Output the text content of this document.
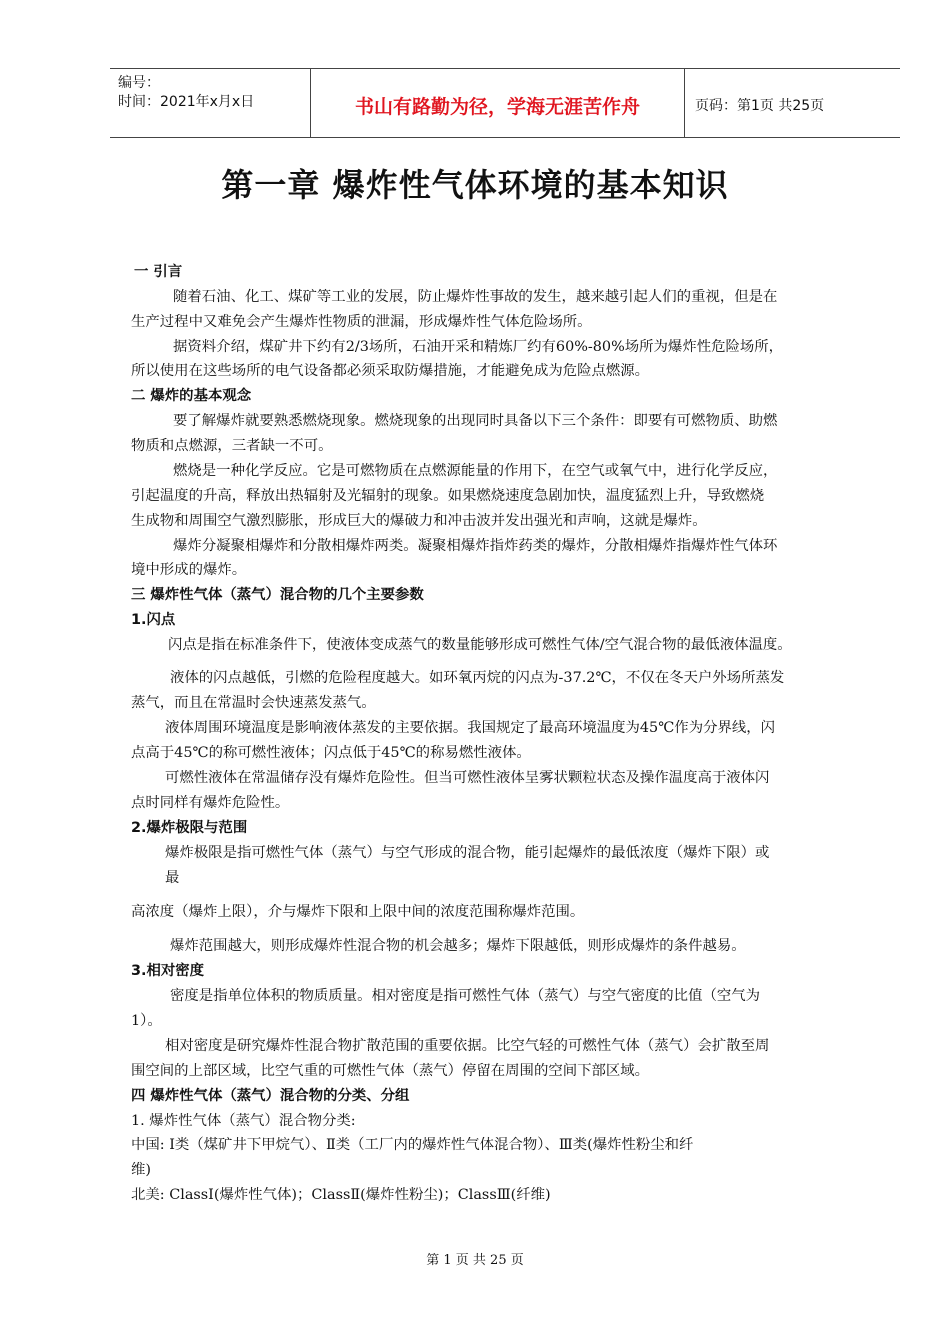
编号：
时间：2021年x月x日	书山有路勤为径，学海无涯苦作舟	页码：第1页 共25页
第一章 爆炸性气体环境的基本知识
一 引言
随着石油、化工、煤矿等工业的发展，防止爆炸性事故的发生，越来越引起人们的重视，但是在
生产过程中又难免会产生爆炸性物质的泄漏，形成爆炸性气体危险场所。
据资料介绍，煤矿井下约有2/3场所，石油开采和精炼厂约有60%-80%场所为爆炸性危险场所，
所以使用在这些场所的电气设备都必须采取防爆措施，才能避免成为危险点燃源。
二 爆炸的基本观念
要了解爆炸就要熟悉燃烧现象。燃烧现象的出现同时具备以下三个条件：即要有可燃物质、助燃
物质和点燃源，三者缺一不可。
燃烧是一种化学反应。它是可燃物质在点燃源能量的作用下，在空气或氧气中，进行化学反应，
引起温度的升高，释放出热辐射及光辐射的现象。如果燃烧速度急剧加快，温度猛烈上升，导致燃烧
生成物和周围空气激烈膨胀，形成巨大的爆破力和冲击波并发出强光和声响，这就是爆炸。
爆炸分凝聚相爆炸和分散相爆炸两类。凝聚相爆炸指炸药类的爆炸，分散相爆炸指爆炸性气体环
境中形成的爆炸。
三 爆炸性气体（蒸气）混合物的几个主要参数
1.闪点
闪点是指在标准条件下，使液体变成蒸气的数量能够形成可燃性气体/空气混合物的最低液体温度。
液体的闪点越低，引燃的危险程度越大。如环氧丙烷的闪点为-37.2℃，不仅在冬天户外场所蒸发
蒸气，而且在常温时会快速蒸发蒸气。
液体周围环境温度是影响液体蒸发的主要依据。我国规定了最高环境温度为45℃作为分界线，闪
点高于45℃的称可燃性液体；闪点低于45℃的称易燃性液体。
可燃性液体在常温储存没有爆炸危险性。但当可燃性液体呈雾状颗粒状态及操作温度高于液体闪
点时同样有爆炸危险性。
2.爆炸极限与范围
爆炸极限是指可燃性气体（蒸气）与空气形成的混合物，能引起爆炸的最低浓度（爆炸下限）或
最
高浓度（爆炸上限），介与爆炸下限和上限中间的浓度范围称爆炸范围。
爆炸范围越大，则形成爆炸性混合物的机会越多；爆炸下限越低，则形成爆炸的条件越易。
3.相对密度
密度是指单位体积的物质质量。相对密度是指可燃性气体（蒸气）与空气密度的比值（空气为
1）。
相对密度是研究爆炸性混合物扩散范围的重要依据。比空气轻的可燃性气体（蒸气）会扩散至周
围空间的上部区域，比空气重的可燃性气体（蒸气）停留在周围的空间下部区域。
四 爆炸性气体（蒸气）混合物的分类、分组
1. 爆炸性气体（蒸气）混合物分类:
中国: Ⅰ类（煤矿井下甲烷气）、Ⅱ类（工厂内的爆炸性气体混合物）、Ⅲ类(爆炸性粉尘和纤
维)
北美: ClassⅠ(爆炸性气体)；ClassⅡ(爆炸性粉尘)；ClassⅢ(纤维)
第 1 页 共 25 页
